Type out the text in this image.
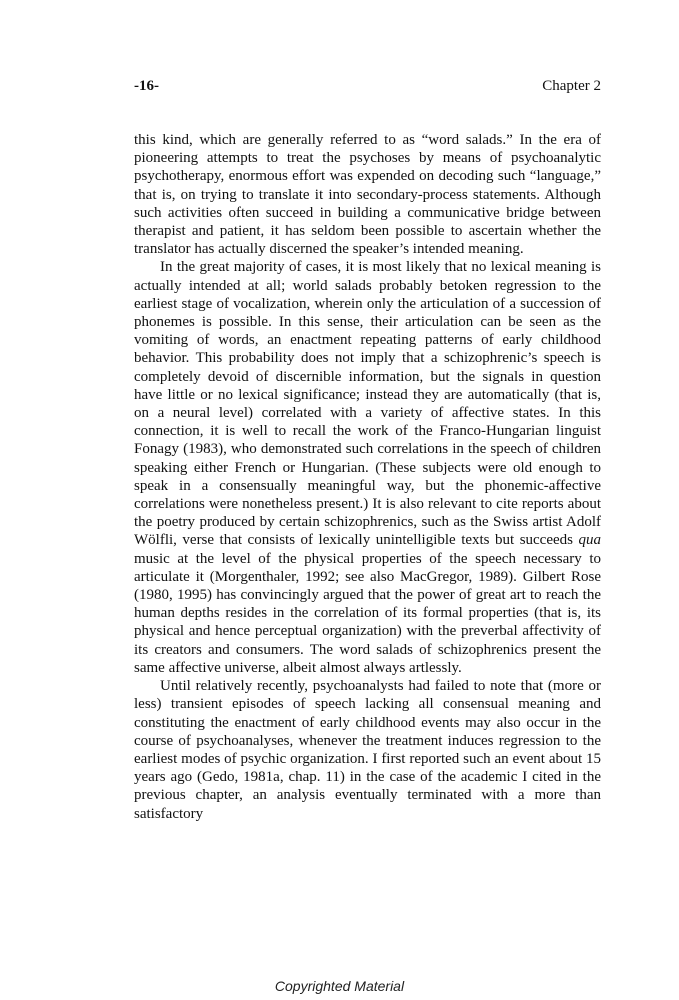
-16-	Chapter 2

this kind, which are generally referred to as “word salads.” In the era of pioneering attempts to treat the psychoses by means of psychoanalytic psychotherapy, enormous effort was expended on decoding such “language,” that is, on trying to translate it into secondary-process statements. Although such activities often succeed in building a communicative bridge between therapist and patient, it has seldom been possible to ascertain whether the translator has actually discerned the speaker’s intended meaning.

In the great majority of cases, it is most likely that no lexical meaning is actually intended at all; world salads probably betoken regression to the earliest stage of vocalization, wherein only the articulation of a succession of phonemes is possible. In this sense, their articulation can be seen as the vomiting of words, an enactment repeating patterns of early childhood behavior. This probability does not imply that a schizophrenic’s speech is completely devoid of discernible information, but the signals in question have little or no lexical significance; instead they are automatically (that is, on a neural level) correlated with a variety of affective states. In this connection, it is well to recall the work of the Franco-Hungarian linguist Fonagy (1983), who demonstrated such correlations in the speech of children speaking either French or Hungarian. (These subjects were old enough to speak in a consensually meaningful way, but the phonemic-affective correlations were nonetheless present.) It is also relevant to cite reports about the poetry produced by certain schizophrenics, such as the Swiss artist Adolf Wölfli, verse that consists of lexically unintelligible texts but succeeds qua music at the level of the physical properties of the speech necessary to articulate it (Morgenthaler, 1992; see also MacGregor, 1989). Gilbert Rose (1980, 1995) has convincingly argued that the power of great art to reach the human depths resides in the correlation of its formal properties (that is, its physical and hence perceptual organization) with the preverbal affectivity of its creators and consumers. The word salads of schizophrenics present the same affective universe, albeit almost always artlessly.

Until relatively recently, psychoanalysts had failed to note that (more or less) transient episodes of speech lacking all consensual meaning and constituting the enactment of early childhood events may also occur in the course of psychoanalyses, whenever the treatment induces regression to the earliest modes of psychic organization. I first reported such an event about 15 years ago (Gedo, 1981a, chap. 11) in the case of the academic I cited in the previous chapter, an analysis eventually terminated with a more than satisfactory

Copyrighted Material
